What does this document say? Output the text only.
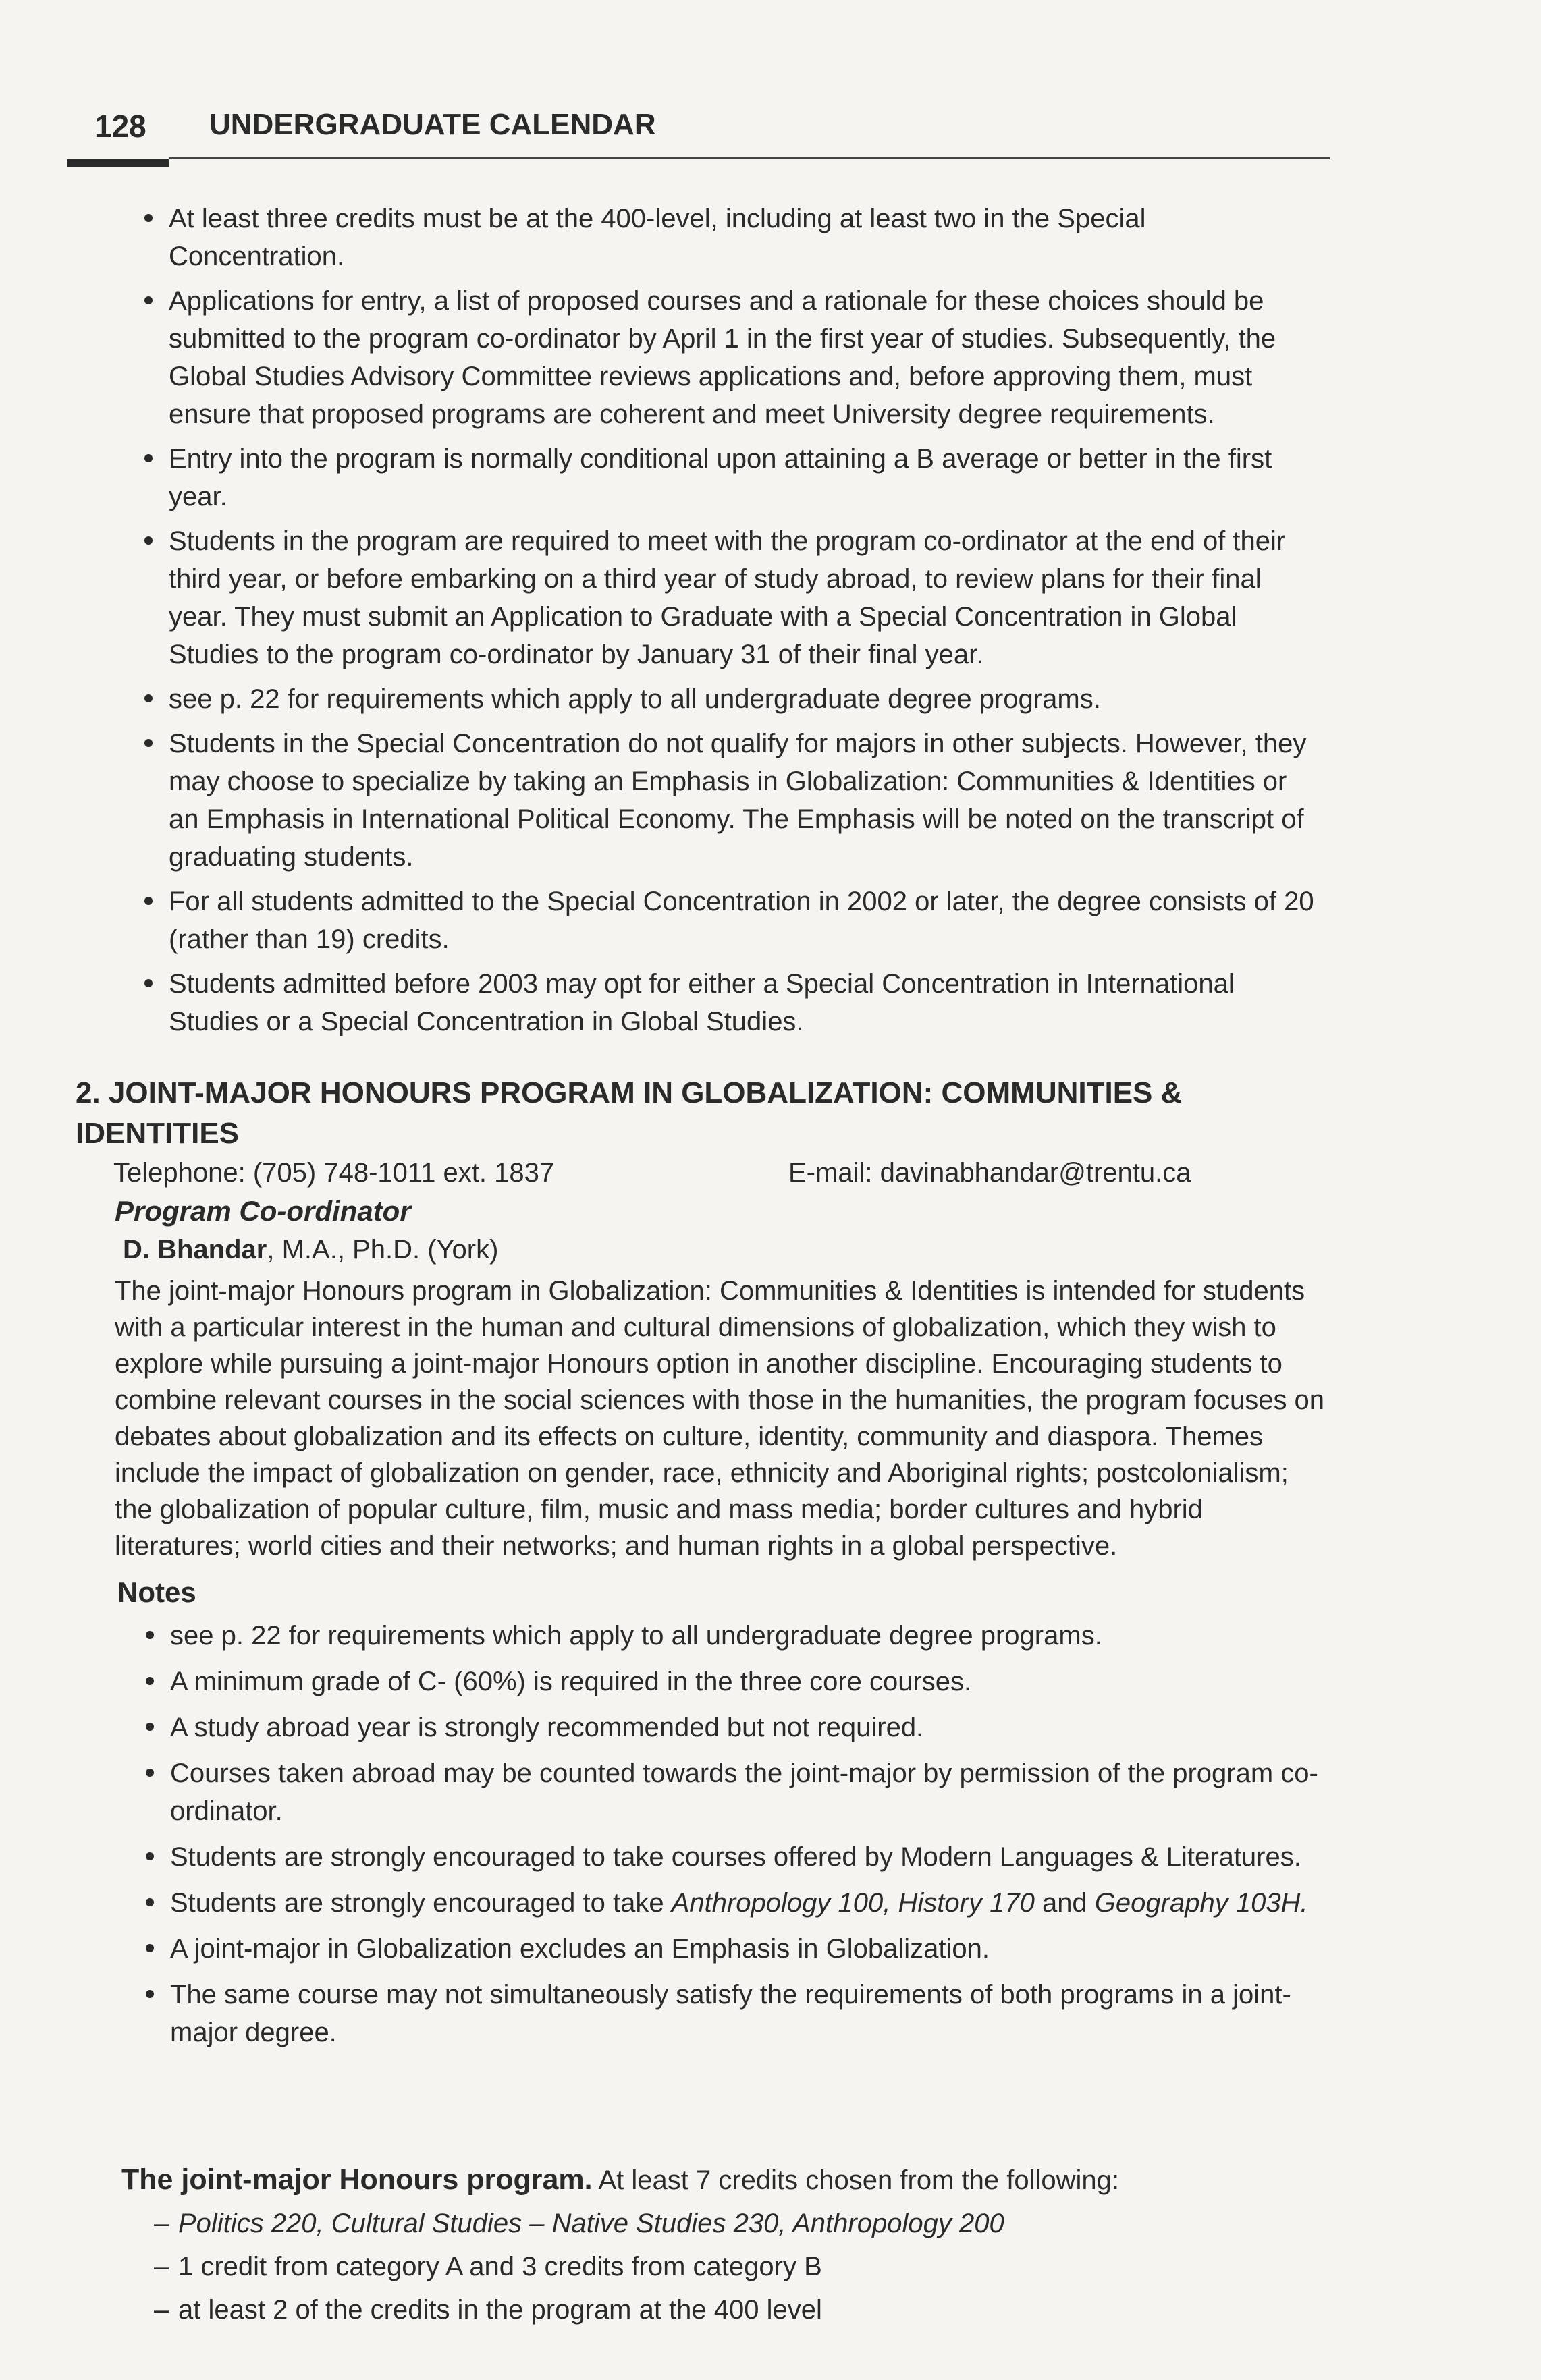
128 UNDERGRADUATE CALENDAR
At least three credits must be at the 400-level, including at least two in the Special Concentration.
Applications for entry, a list of proposed courses and a rationale for these choices should be submitted to the program co-ordinator by April 1 in the first year of studies. Subsequently, the Global Studies Advisory Committee reviews applications and, before approving them, must ensure that proposed programs are coherent and meet University degree requirements.
Entry into the program is normally conditional upon attaining a B average or better in the first year.
Students in the program are required to meet with the program co-ordinator at the end of their third year, or before embarking on a third year of study abroad, to review plans for their final year. They must submit an Application to Graduate with a Special Concentration in Global Studies to the program co-ordinator by January 31 of their final year.
see p. 22 for requirements which apply to all undergraduate degree programs.
Students in the Special Concentration do not qualify for majors in other subjects. However, they may choose to specialize by taking an Emphasis in Globalization: Communities & Identities or an Emphasis in International Political Economy. The Emphasis will be noted on the transcript of graduating students.
For all students admitted to the Special Concentration in 2002 or later, the degree consists of 20 (rather than 19) credits.
Students admitted before 2003 may opt for either a Special Concentration in International Studies or a Special Concentration in Global Studies.
2. JOINT-MAJOR HONOURS PROGRAM IN GLOBALIZATION: COMMUNITIES & IDENTITIES
Telephone: (705) 748-1011 ext. 1837	E-mail: davinabhandar@trentu.ca
Program Co-ordinator
D. Bhandar, M.A., Ph.D. (York)

The joint-major Honours program in Globalization: Communities & Identities is intended for students with a particular interest in the human and cultural dimensions of globalization, which they wish to explore while pursuing a joint-major Honours option in another discipline. Encouraging students to combine relevant courses in the social sciences with those in the humanities, the program focuses on debates about globalization and its effects on culture, identity, community and diaspora. Themes include the impact of globalization on gender, race, ethnicity and Aboriginal rights; postcolonialism; the globalization of popular culture, film, music and mass media; border cultures and hybrid literatures; world cities and their networks; and human rights in a global perspective.

Notes
see p. 22 for requirements which apply to all undergraduate degree programs.
A minimum grade of C- (60%) is required in the three core courses.
A study abroad year is strongly recommended but not required.
Courses taken abroad may be counted towards the joint-major by permission of the program co-ordinator.
Students are strongly encouraged to take courses offered by Modern Languages & Literatures.
Students are strongly encouraged to take Anthropology 100, History 170 and Geography 103H.
A joint-major in Globalization excludes an Emphasis in Globalization.
The same course may not simultaneously satisfy the requirements of both programs in a joint-major degree.
The joint-major Honours program. At least 7 credits chosen from the following:
– Politics 220, Cultural Studies – Native Studies 230, Anthropology 200
– 1 credit from category A and 3 credits from category B
– at least 2 of the credits in the program at the 400 level
